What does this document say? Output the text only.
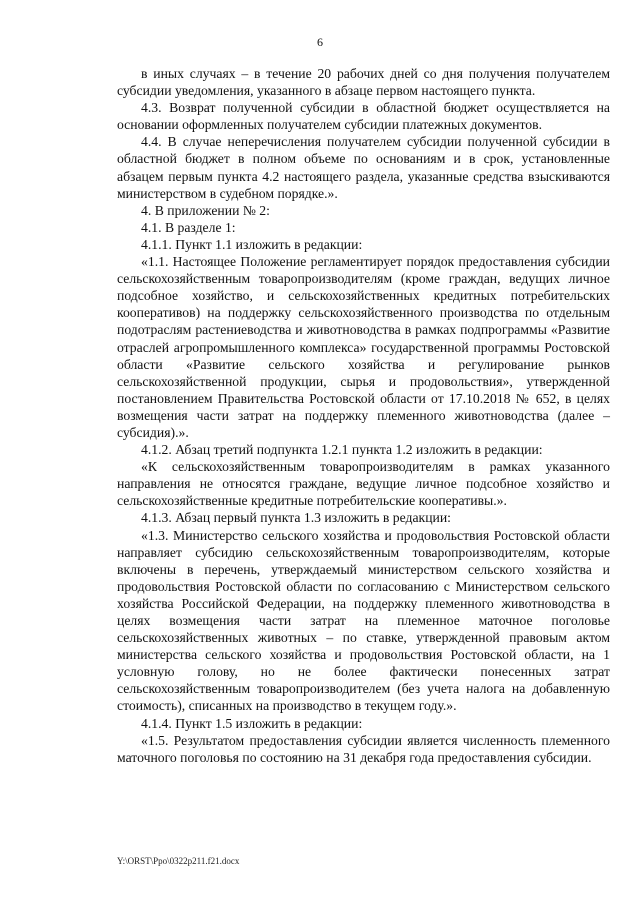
6

в иных случаях – в течение 20 рабочих дней со дня получения получателем субсидии уведомления, указанного в абзаце первом настоящего пункта.

4.3. Возврат полученной субсидии в областной бюджет осуществляется на основании оформленных получателем субсидии платежных документов.

4.4. В случае неперечисления получателем субсидии полученной субсидии в областной бюджет в полном объеме по основаниям и в срок, установленные абзацем первым пункта 4.2 настоящего раздела, указанные средства взыскиваются министерством в судебном порядке.».

4. В приложении № 2:

4.1. В разделе 1:

4.1.1. Пункт 1.1 изложить в редакции:

«1.1. Настоящее Положение регламентирует порядок предоставления субсидии сельскохозяйственным товаропроизводителям (кроме граждан, ведущих личное подсобное хозяйство, и сельскохозяйственных кредитных потребительских кооперативов) на поддержку сельскохозяйственного производства по отдельным подотраслям растениеводства и животноводства в рамках подпрограммы «Развитие отраслей агропромышленного комплекса» государственной программы Ростовской области «Развитие сельского хозяйства и регулирование рынков сельскохозяйственной продукции, сырья и продовольствия», утвержденной постановлением Правительства Ростовской области от 17.10.2018 № 652, в целях возмещения части затрат на поддержку племенного животноводства (далее – субсидия).».

4.1.2. Абзац третий подпункта 1.2.1 пункта 1.2 изложить в редакции:

«К сельскохозяйственным товаропроизводителям в рамках указанного направления не относятся граждане, ведущие личное подсобное хозяйство и сельскохозяйственные кредитные потребительские кооперативы.».

4.1.3. Абзац первый пункта 1.3 изложить в редакции:

«1.3. Министерство сельского хозяйства и продовольствия Ростовской области направляет субсидию сельскохозяйственным товаропроизводителям, которые включены в перечень, утверждаемый министерством сельского хозяйства и продовольствия Ростовской области по согласованию с Министерством сельского хозяйства Российской Федерации, на поддержку племенного животноводства в целях возмещения части затрат на племенное маточное поголовье сельскохозяйственных животных – по ставке, утвержденной правовым актом министерства сельского хозяйства и продовольствия Ростовской области, на 1 условную голову, но не более фактически понесенных затрат сельскохозяйственным товаропроизводителем (без учета налога на добавленную стоимость), списанных на производство в текущем году.».

4.1.4. Пункт 1.5 изложить в редакции:

«1.5. Результатом предоставления субсидии является численность племенного маточного поголовья по состоянию на 31 декабря года предоставления субсидии.

Y:\ORST\Ppo\0322p211.f21.docx
